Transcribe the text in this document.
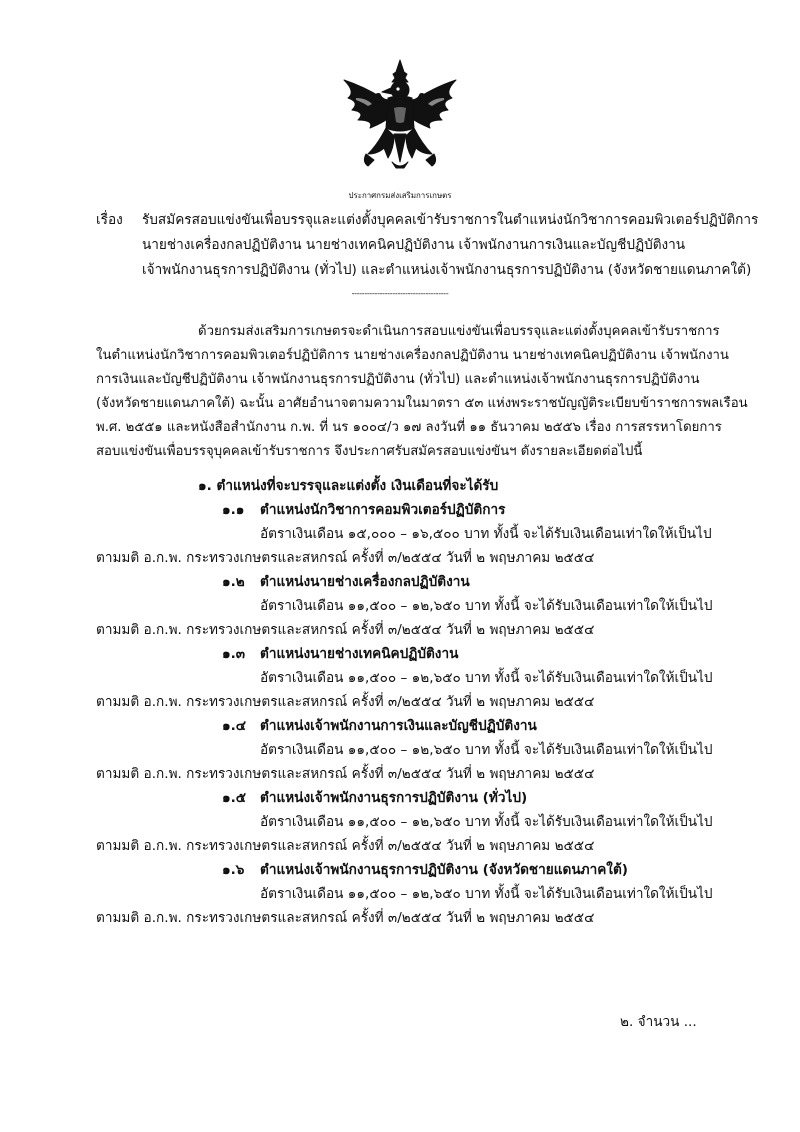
ประกาศกรมส่งเสริมการเกษตร
เรื่อง รับสมัครสอบแข่งขันเพื่อบรรจุและแต่งตั้งบุคคลเข้ารับราชการในตำแหน่งนักวิชาการคอมพิวเตอร์ปฏิบัติการ
นายช่างเครื่องกลปฏิบัติงาน นายช่างเทคนิคปฏิบัติงาน เจ้าพนักงานการเงินและบัญชีปฏิบัติงาน
เจ้าพนักงานธุรการปฏิบัติงาน (ทั่วไป) และตำแหน่งเจ้าพนักงานธุรการปฏิบัติงาน (จังหวัดชายแดนภาคใต้)
--------------------------------------
ด้วยกรมส่งเสริมการเกษตรจะดำเนินการสอบแข่งขันเพื่อบรรจุและแต่งตั้งบุคคลเข้ารับราชการ
ในตำแหน่งนักวิชาการคอมพิวเตอร์ปฏิบัติการ นายช่างเครื่องกลปฏิบัติงาน นายช่างเทคนิคปฏิบัติงาน เจ้าพนักงาน
การเงินและบัญชีปฏิบัติงาน เจ้าพนักงานธุรการปฏิบัติงาน (ทั่วไป) และตำแหน่งเจ้าพนักงานธุรการปฏิบัติงาน
(จังหวัดชายแดนภาคใต้) ฉะนั้น อาศัยอำนาจตามความในมาตรา ๕๓ แห่งพระราชบัญญัติระเบียบข้าราชการพลเรือน
พ.ศ. ๒๕๕๑ และหนังสือสำนักงาน ก.พ. ที่ นร ๑๐๐๔/ว ๑๗ ลงวันที่ ๑๑ ธันวาคม ๒๕๕๖ เรื่อง การสรรหาโดยการ
สอบแข่งขันเพื่อบรรจุบุคคลเข้ารับราชการ จึงประกาศรับสมัครสอบแข่งขันฯ ดังรายละเอียดต่อไปนี้
๑. ตำแหน่งที่จะบรรจุและแต่งตั้ง เงินเดือนที่จะได้รับ
๑.๑ ตำแหน่งนักวิชาการคอมพิวเตอร์ปฏิบัติการ
อัตราเงินเดือน ๑๕,๐๐๐ – ๑๖,๕๐๐ บาท ทั้งนี้ จะได้รับเงินเดือนเท่าใดให้เป็นไป
ตามมติ อ.ก.พ. กระทรวงเกษตรและสหกรณ์ ครั้งที่ ๓/๒๕๕๔ วันที่ ๒ พฤษภาคม ๒๕๕๔
๑.๒ ตำแหน่งนายช่างเครื่องกลปฏิบัติงาน
อัตราเงินเดือน ๑๑,๕๐๐ – ๑๒,๖๕๐ บาท ทั้งนี้ จะได้รับเงินเดือนเท่าใดให้เป็นไป
ตามมติ อ.ก.พ. กระทรวงเกษตรและสหกรณ์ ครั้งที่ ๓/๒๕๕๔ วันที่ ๒ พฤษภาคม ๒๕๕๔
๑.๓ ตำแหน่งนายช่างเทคนิคปฏิบัติงาน
อัตราเงินเดือน ๑๑,๕๐๐ – ๑๒,๖๕๐ บาท ทั้งนี้ จะได้รับเงินเดือนเท่าใดให้เป็นไป
ตามมติ อ.ก.พ. กระทรวงเกษตรและสหกรณ์ ครั้งที่ ๓/๒๕๕๔ วันที่ ๒ พฤษภาคม ๒๕๕๔
๑.๔ ตำแหน่งเจ้าพนักงานการเงินและบัญชีปฏิบัติงาน
อัตราเงินเดือน ๑๑,๕๐๐ – ๑๒,๖๕๐ บาท ทั้งนี้ จะได้รับเงินเดือนเท่าใดให้เป็นไป
ตามมติ อ.ก.พ. กระทรวงเกษตรและสหกรณ์ ครั้งที่ ๓/๒๕๕๔ วันที่ ๒ พฤษภาคม ๒๕๕๔
๑.๕ ตำแหน่งเจ้าพนักงานธุรการปฏิบัติงาน (ทั่วไป)
อัตราเงินเดือน ๑๑,๕๐๐ – ๑๒,๖๕๐ บาท ทั้งนี้ จะได้รับเงินเดือนเท่าใดให้เป็นไป
ตามมติ อ.ก.พ. กระทรวงเกษตรและสหกรณ์ ครั้งที่ ๓/๒๕๕๔ วันที่ ๒ พฤษภาคม ๒๕๕๔
๑.๖ ตำแหน่งเจ้าพนักงานธุรการปฏิบัติงาน (จังหวัดชายแดนภาคใต้)
อัตราเงินเดือน ๑๑,๕๐๐ – ๑๒,๖๕๐ บาท ทั้งนี้ จะได้รับเงินเดือนเท่าใดให้เป็นไป
ตามมติ อ.ก.พ. กระทรวงเกษตรและสหกรณ์ ครั้งที่ ๓/๒๕๕๔ วันที่ ๒ พฤษภาคม ๒๕๕๔
๒. จำนวน ...
